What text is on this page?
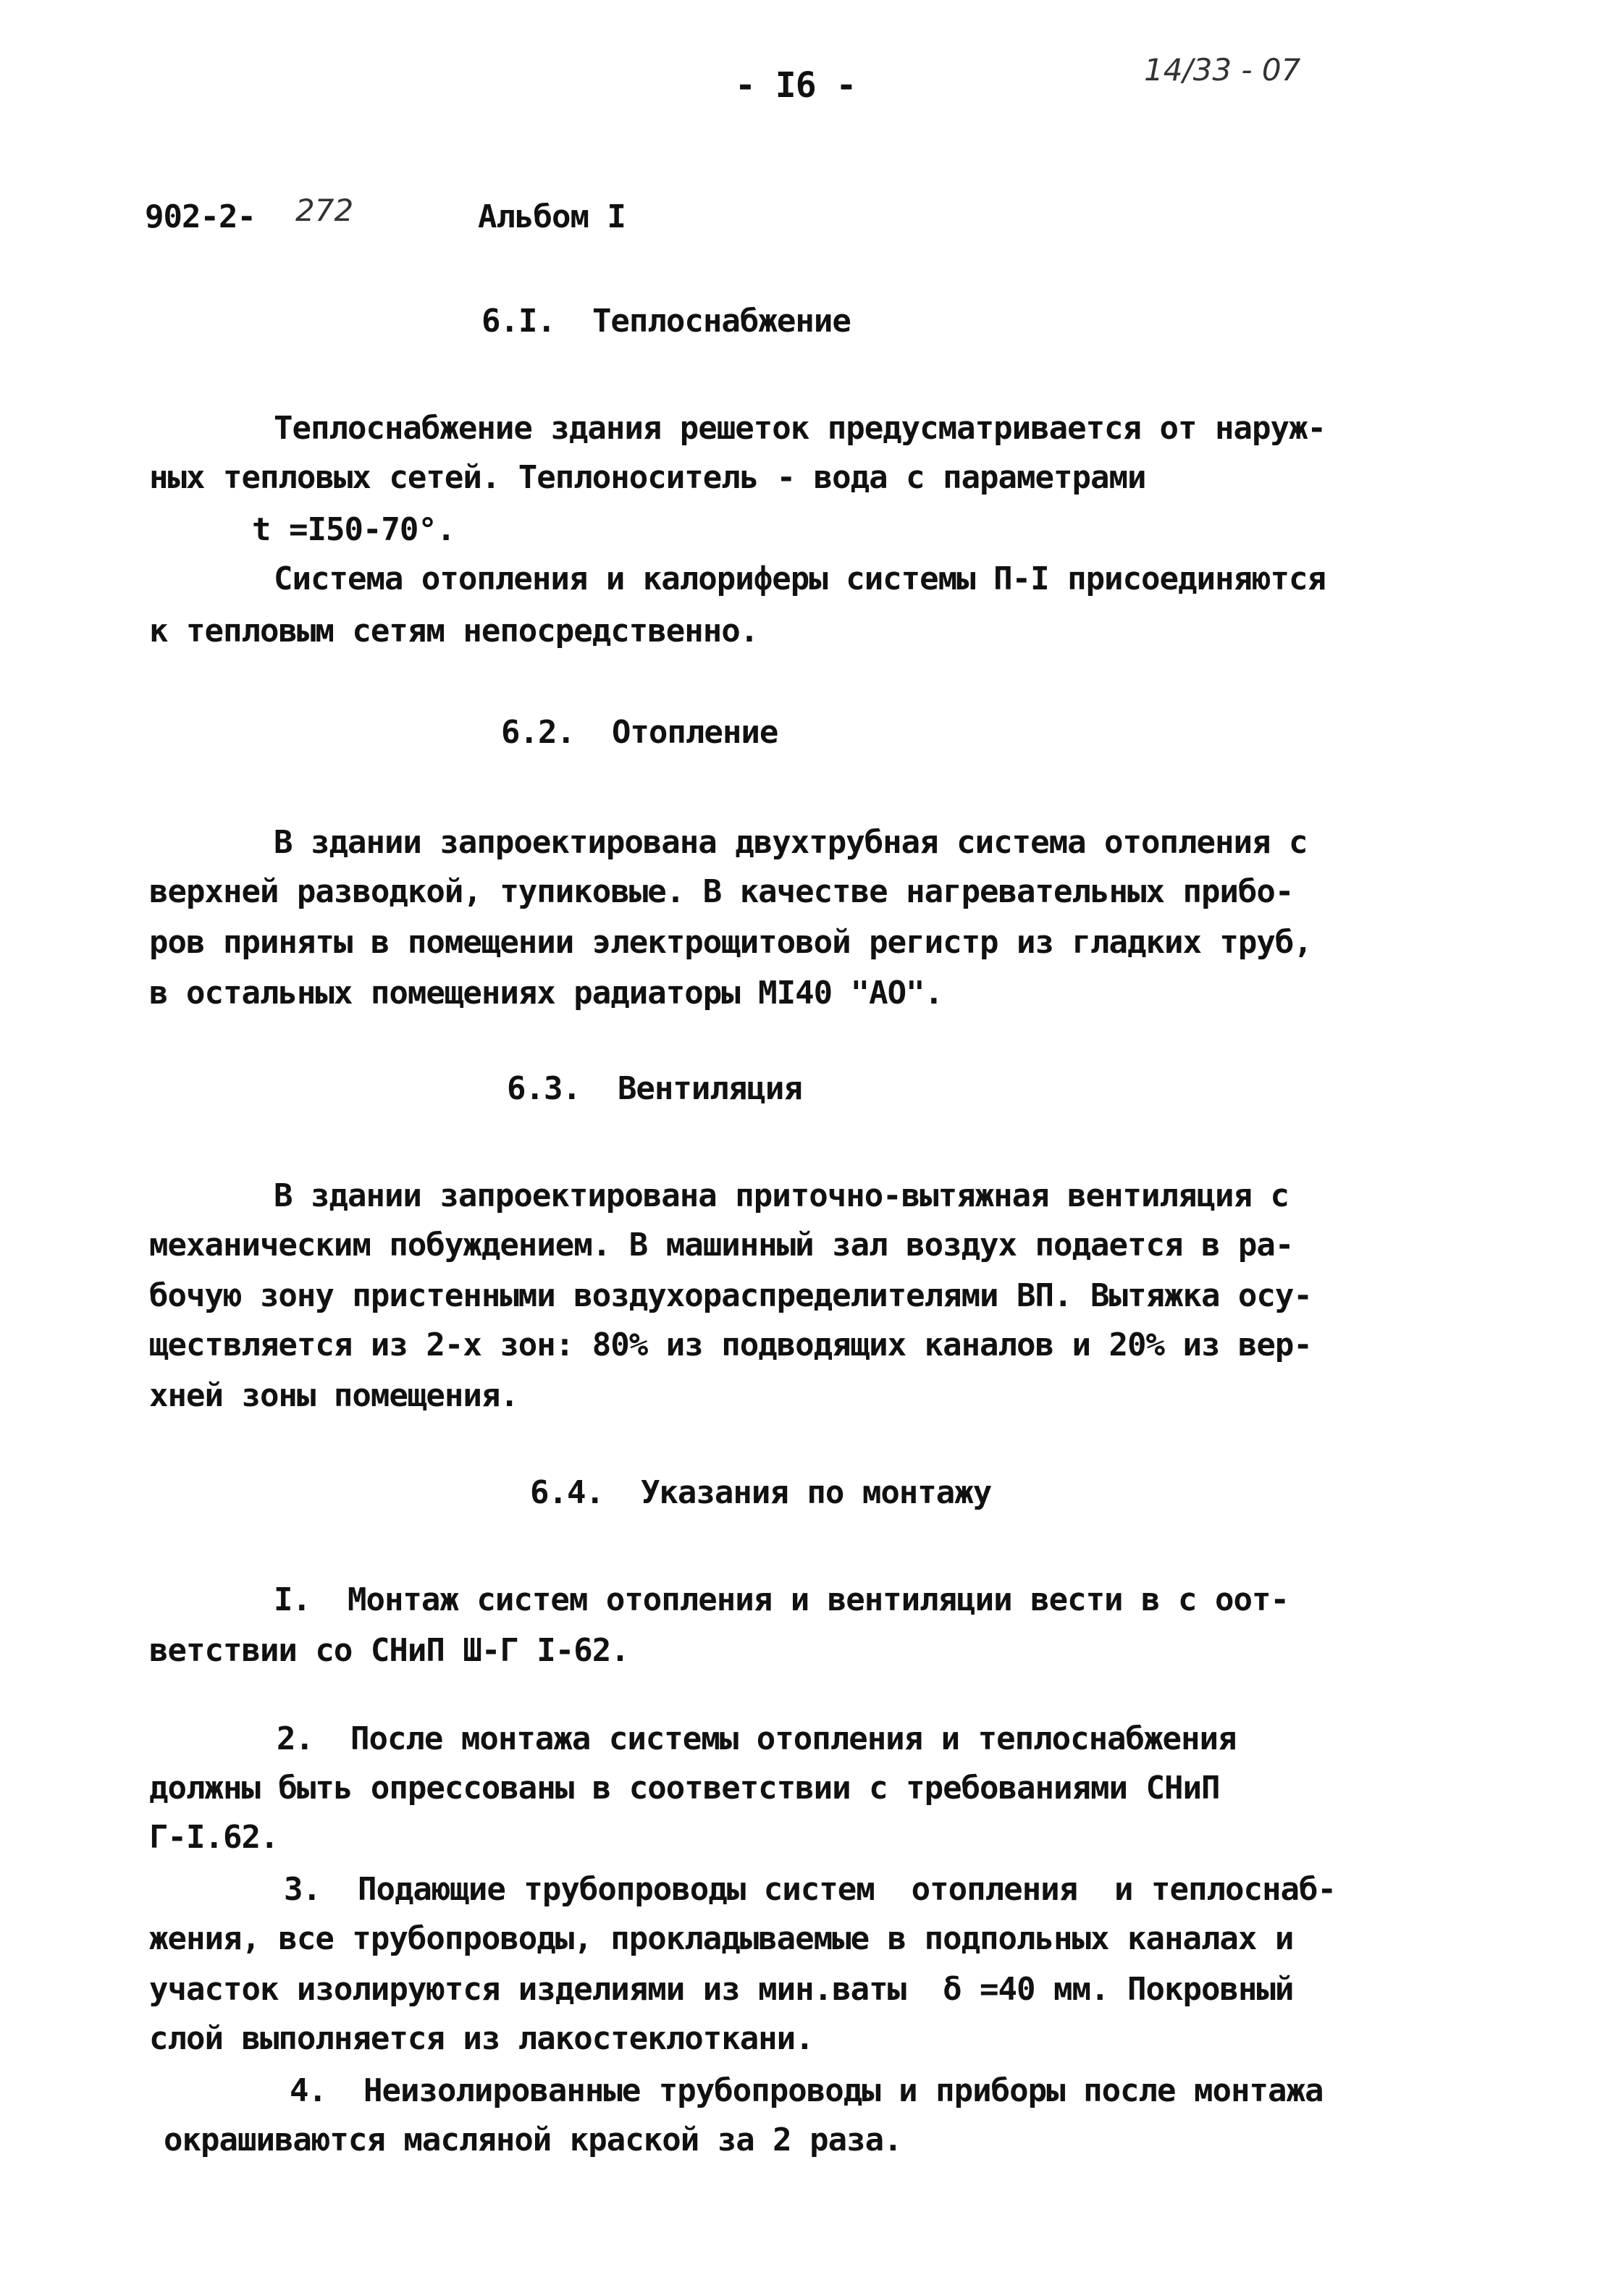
- I6 -	14/33 - 07
902-2- 272	Альбом I
6.I.  Теплоснабжение
Теплоснабжение здания решеток предусматривается от наруж-
ных тепловых сетей. Теплоноситель - вода с параметрами
t =I50-70°.
Система отопления и калориферы системы П-I присоединяются
к тепловым сетям непосредственно.
6.2.  Отопление
В здании запроектирована двухтрубная система отопления с
верхней разводкой, тупиковые. В качестве нагревательных прибо-
ров приняты в помещении электрощитовой регистр из гладких труб,
в остальных помещениях радиаторы МI40 "АО".
6.3.  Вентиляция
В здании запроектирована приточно-вытяжная вентиляция с
механическим побуждением. В машинный зал воздух подается в ра-
бочую зону пристенными воздухораспределителями ВП. Вытяжка осу-
ществляется из 2-х зон: 80% из подводящих каналов и 20% из вер-
хней зоны помещения.
6.4.  Указания по монтажу
I.  Монтаж систем отопления и вентиляции вести в с оот-
ветствии со СНиП Ш-Г I-62.
2.  После монтажа системы отопления и теплоснабжения
должны быть опрессованы в соответствии с требованиями СНиП
Г-I.62.
3.  Подающие трубопроводы систем  отопления  и теплоснаб-
жения, все трубопроводы, прокладываемые в подпольных каналах и
участок изолируются изделиями из мин.ваты  δ =40 мм. Покровный
слой выполняется из лакостеклоткани.
4.  Неизолированные трубопроводы и приборы после монтажа
окрашиваются масляной краской за 2 раза.
